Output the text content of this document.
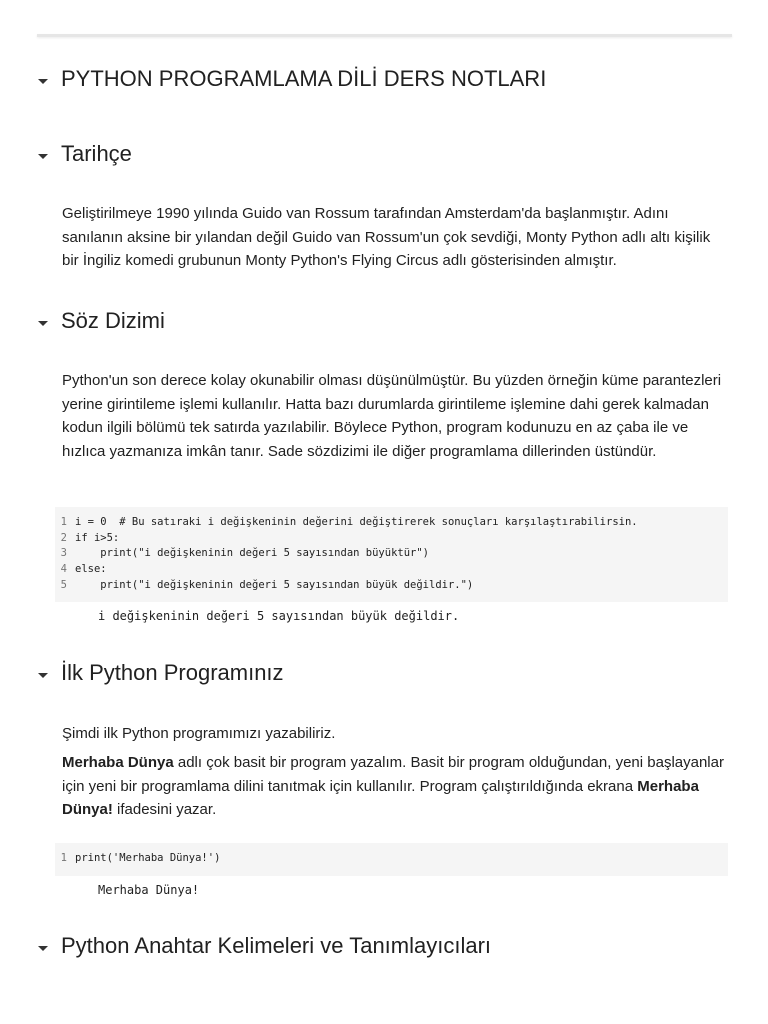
PYTHON PROGRAMLAMA DİLİ DERS NOTLARI
Tarihçe

Geliştirilmeye 1990 yılında Guido van Rossum tarafından Amsterdam'da başlanmıştır. Adını sanılanın aksine bir yılandan değil Guido van Rossum'un çok sevdiği, Monty Python adlı altı kişilik bir İngiliz komedi grubunun Monty Python's Flying Circus adlı gösterisinden almıştır.

Söz Dizimi

Python'un son derece kolay okunabilir olması düşünülmüştür. Bu yüzden örneğin küme parantezleri yerine girintileme işlemi kullanılır. Hatta bazı durumlarda girintileme işlemine dahi gerek kalmadan kodun ilgili bölümü tek satırda yazılabilir. Böylece Python, program kodunuzu en az çaba ile ve hızlıca yazmanıza imkân tanır. Sade sözdizimi ile diğer programlama dillerinden üstündür.

1 i = 0  # Bu satıraki i değişkeninin değerini değiştirerek sonuçları karşılaştırabilirsin.
2 if i>5:
3 print("i değişkeninin değeri 5 sayısından büyüktür")
4 else:
5 print("i değişkeninin değeri 5 sayısından büyük değildir.")
i değişkeninin değeri 5 sayısından büyük değildir.
İlk Python Programınız

Şimdi ilk Python programımızı yazabiliriz.

Merhaba Dünya adlı çok basit bir program yazalım. Basit bir program olduğundan, yeni başlayanlar için yeni bir programlama dilini tanıtmak için kullanılır. Program çalıştırıldığında ekrana Merhaba Dünya! ifadesini yazar.

1 print('Merhaba Dünya!')
Merhaba Dünya!
Python Anahtar Kelimeleri ve Tanımlayıcıları
